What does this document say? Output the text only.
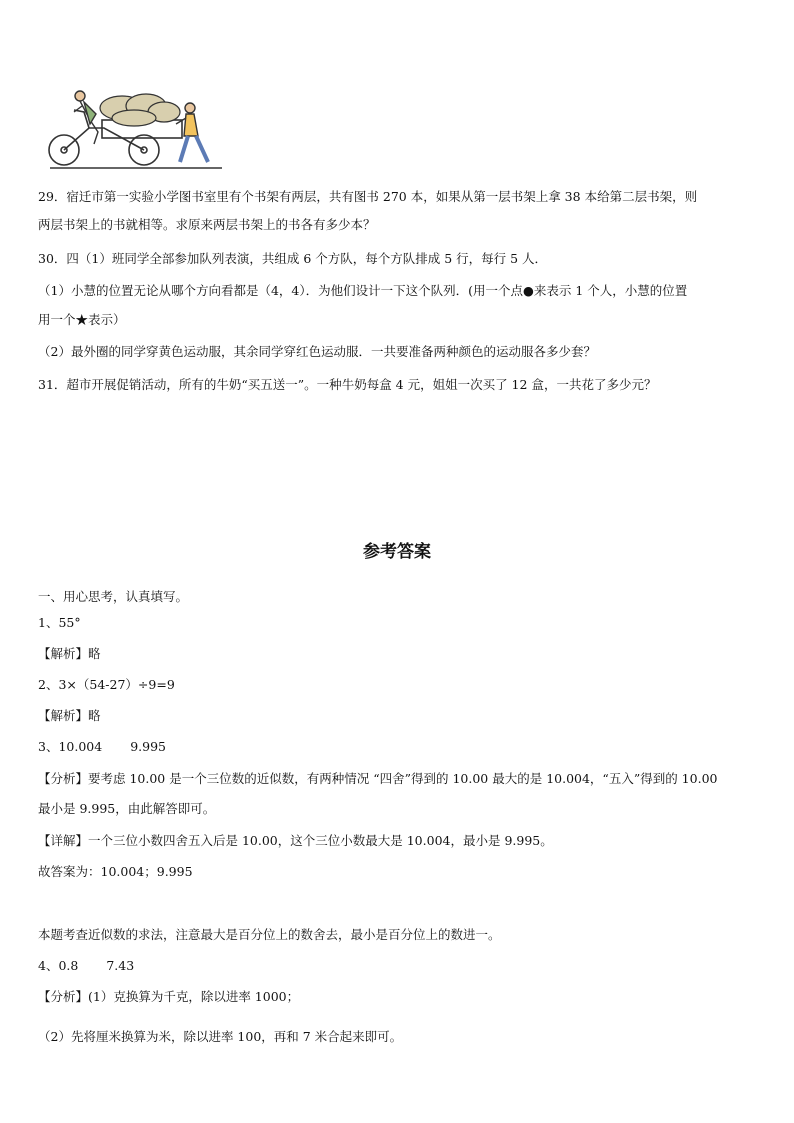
29．宿迁市第一实验小学图书室里有个书架有两层，共有图书 270 本，如果从第一层书架上拿 38 本给第二层书架，则
两层书架上的书就相等。求原来两层书架上的书各有多少本？
30．四（1）班同学全部参加队列表演，共组成 6 个方队，每个方队排成 5 行，每行 5 人．
（1）小慧的位置无论从哪个方向看都是（4，4）．为他们设计一下这个队列．(用一个点●来表示 1 个人，小慧的位置
用一个★表示）
（2）最外圈的同学穿黄色运动服，其余同学穿红色运动服．一共要准备两种颜色的运动服各多少套？
31．超市开展促销活动，所有的牛奶“买五送一”。一种牛奶每盒 4 元，姐姐一次买了 12 盒，一共花了多少元？
参考答案
一、用心思考，认真填写。
1、55°
【解析】略
2、3×（54-27）÷9=9
【解析】略
3、10.004 9.995
【分析】要考虑 10.00 是一个三位数的近似数，有两种情况 “四舍”得到的 10.00 最大的是 10.004，“五入”得到的 10.00
最小是 9.995，由此解答即可。
【详解】一个三位小数四舍五入后是 10.00，这个三位小数最大是 10.004，最小是 9.995。
故答案为：10.004；9.995
本题考查近似数的求法，注意最大是百分位上的数舍去，最小是百分位上的数进一。
4、0.8 7.43
【分析】(1）克换算为千克，除以进率 1000；
（2）先将厘米换算为米，除以进率 100，再和 7 米合起来即可。
